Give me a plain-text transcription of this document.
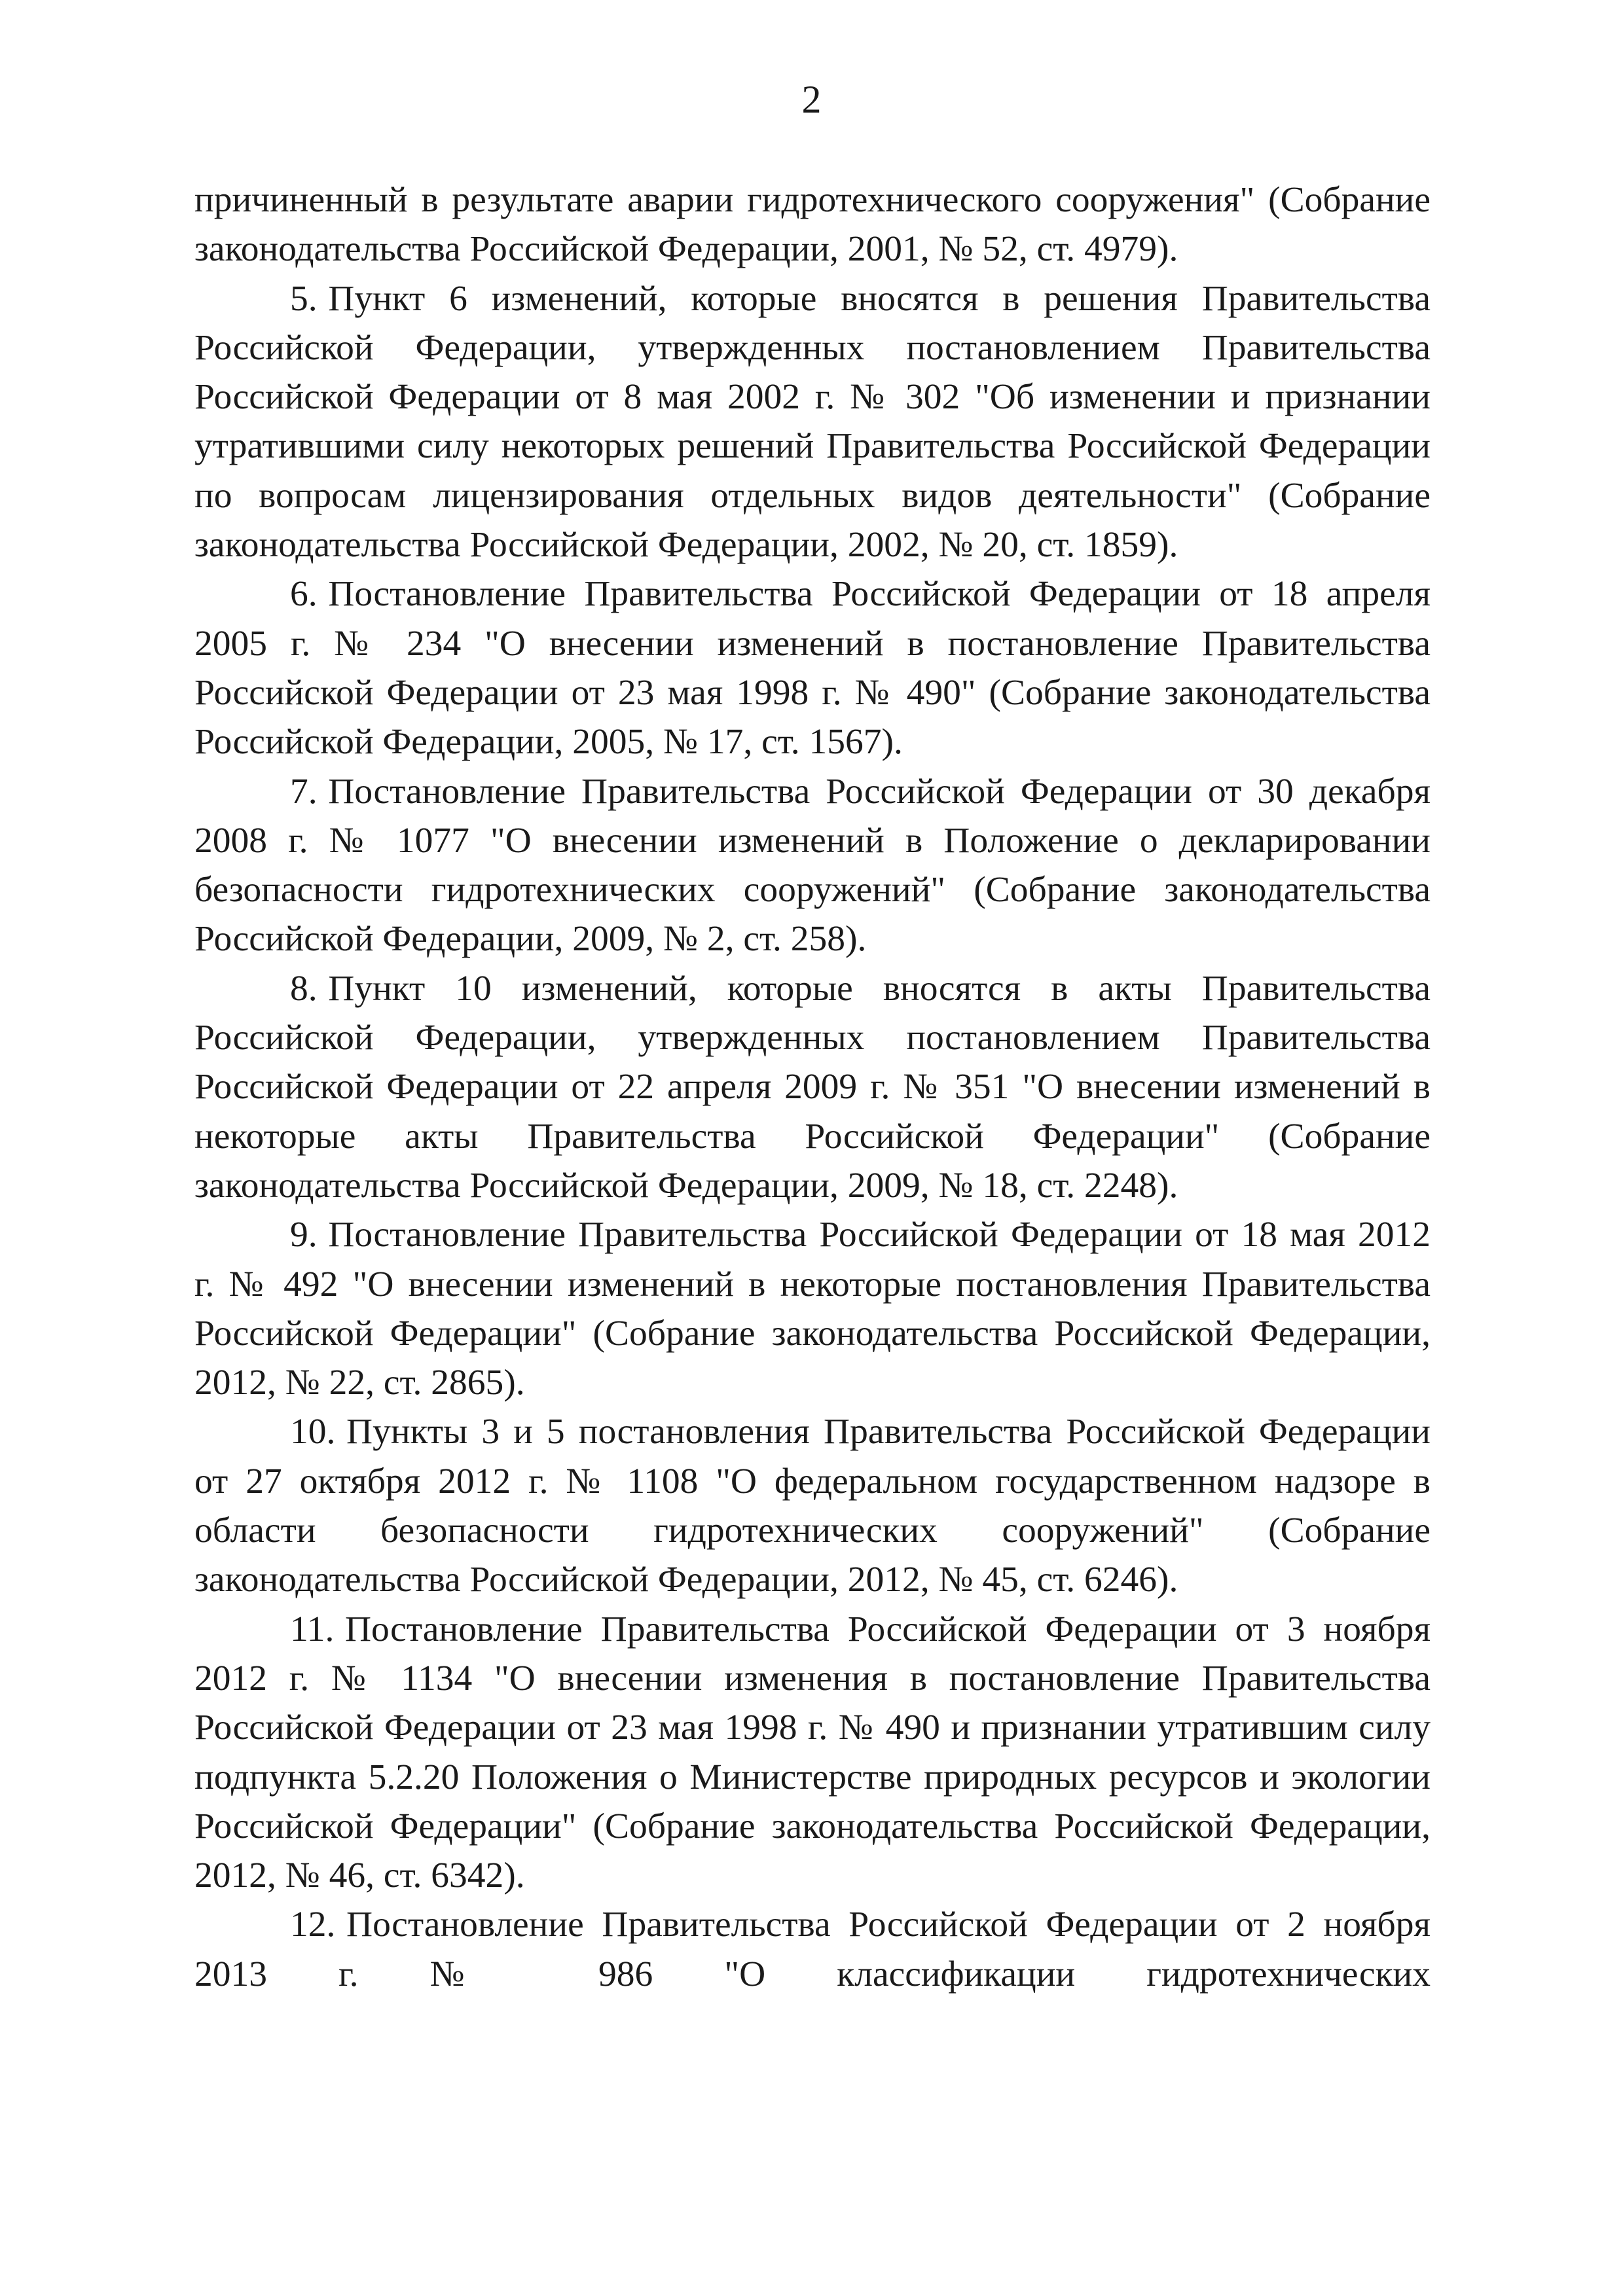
2

причиненный в результате аварии гидротехнического сооружения" (Собрание законодательства Российской Федерации, 2001, № 52, ст. 4979).

5. Пункт 6 изменений, которые вносятся в решения Правительства Российской Федерации, утвержденных постановлением Правительства Российской Федерации от 8 мая 2002 г. № 302 "Об изменении и признании утратившими силу некоторых решений Правительства Российской Федерации по вопросам лицензирования отдельных видов деятельности" (Собрание законодательства Российской Федерации, 2002, № 20, ст. 1859).

6. Постановление Правительства Российской Федерации от 18 апреля 2005 г. № 234 "О внесении изменений в постановление Правительства Российской Федерации от 23 мая 1998 г. № 490" (Собрание законодательства Российской Федерации, 2005, № 17, ст. 1567).

7. Постановление Правительства Российской Федерации от 30 декабря 2008 г. № 1077 "О внесении изменений в Положение о декларировании безопасности гидротехнических сооружений" (Собрание законодательства Российской Федерации, 2009, № 2, ст. 258).

8. Пункт 10 изменений, которые вносятся в акты Правительства Российской Федерации, утвержденных постановлением Правительства Российской Федерации от 22 апреля 2009 г. № 351 "О внесении изменений в некоторые акты Правительства Российской Федерации" (Собрание законодательства Российской Федерации, 2009, № 18, ст. 2248).

9. Постановление Правительства Российской Федерации от 18 мая 2012 г. № 492 "О внесении изменений в некоторые постановления Правительства Российской Федерации" (Собрание законодательства Российской Федерации, 2012, № 22, ст. 2865).

10. Пункты 3 и 5 постановления Правительства Российской Федерации от 27 октября 2012 г. № 1108 "О федеральном государственном надзоре в области безопасности гидротехнических сооружений" (Собрание законодательства Российской Федерации, 2012, № 45, ст. 6246).

11. Постановление Правительства Российской Федерации от 3 ноября 2012 г. № 1134 "О внесении изменения в постановление Правительства Российской Федерации от 23 мая 1998 г. № 490 и признании утратившим силу подпункта 5.2.20 Положения о Министерстве природных ресурсов и экологии Российской Федерации" (Собрание законодательства Российской Федерации, 2012, № 46, ст. 6342).

12. Постановление Правительства Российской Федерации от 2 ноября 2013 г. № 986 "О классификации гидротехнических
